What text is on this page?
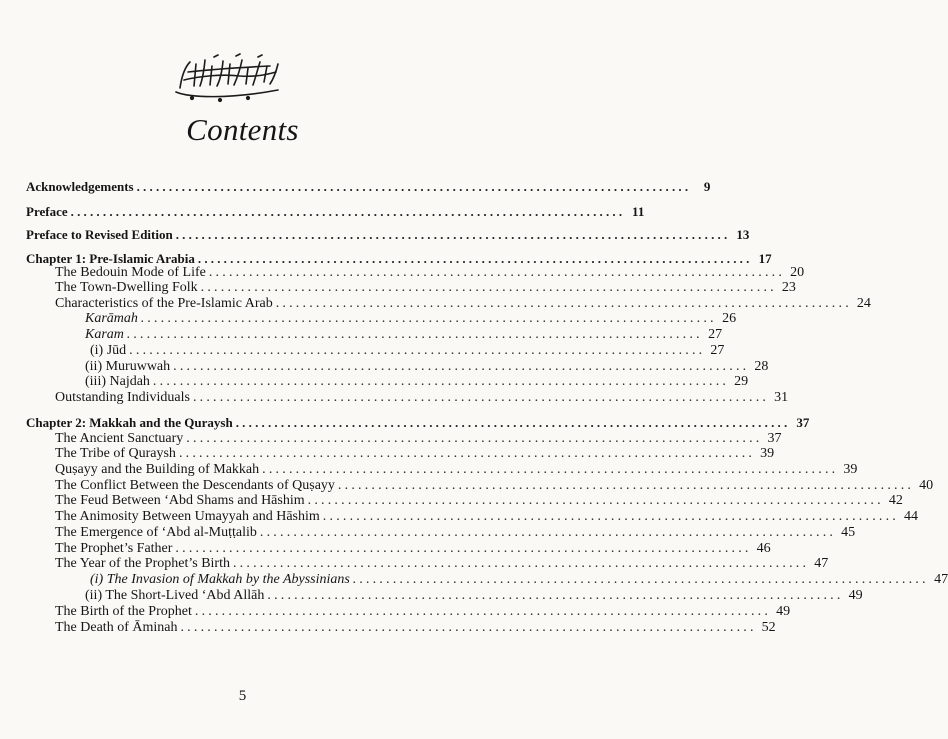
Contents
Acknowledgements ...................................................................................... 9
Preface ...................................................................................... 11
Preface to Revised Edition ...................................................................................... 13
Chapter 1: Pre-Islamic Arabia ...................................................................................... 17
The Bedouin Mode of Life ...................................................................................... 20
The Town-Dwelling Folk ...................................................................................... 23
Characteristics of the Pre-Islamic Arab ...................................................................................... 24
Karāmah ...................................................................................... 26
Karam ...................................................................................... 27
(i) Jūd ...................................................................................... 27
(ii) Muruwwah ...................................................................................... 28
(iii) Najdah ...................................................................................... 29
Outstanding Individuals ...................................................................................... 31
Chapter 2: Makkah and the Quraysh ...................................................................................... 37
The Ancient Sanctuary ...................................................................................... 37
The Tribe of Quraysh ...................................................................................... 39
Quṣayy and the Building of Makkah ...................................................................................... 39
The Conflict Between the Descendants of Quṣayy ...................................................................................... 40
The Feud Between ‘Abd Shams and Hāshim ...................................................................................... 42
The Animosity Between Umayyah and Hāshim ...................................................................................... 44
The Emergence of ‘Abd al-Muṭṭalib ...................................................................................... 45
The Prophet’s Father ...................................................................................... 46
The Year of the Prophet’s Birth ...................................................................................... 47
(i) The Invasion of Makkah by the Abyssinians ...................................................................................... 47
(ii) The Short-Lived ‘Abd Allāh ...................................................................................... 49
The Birth of the Prophet ...................................................................................... 49
The Death of Āminah ...................................................................................... 52
5
